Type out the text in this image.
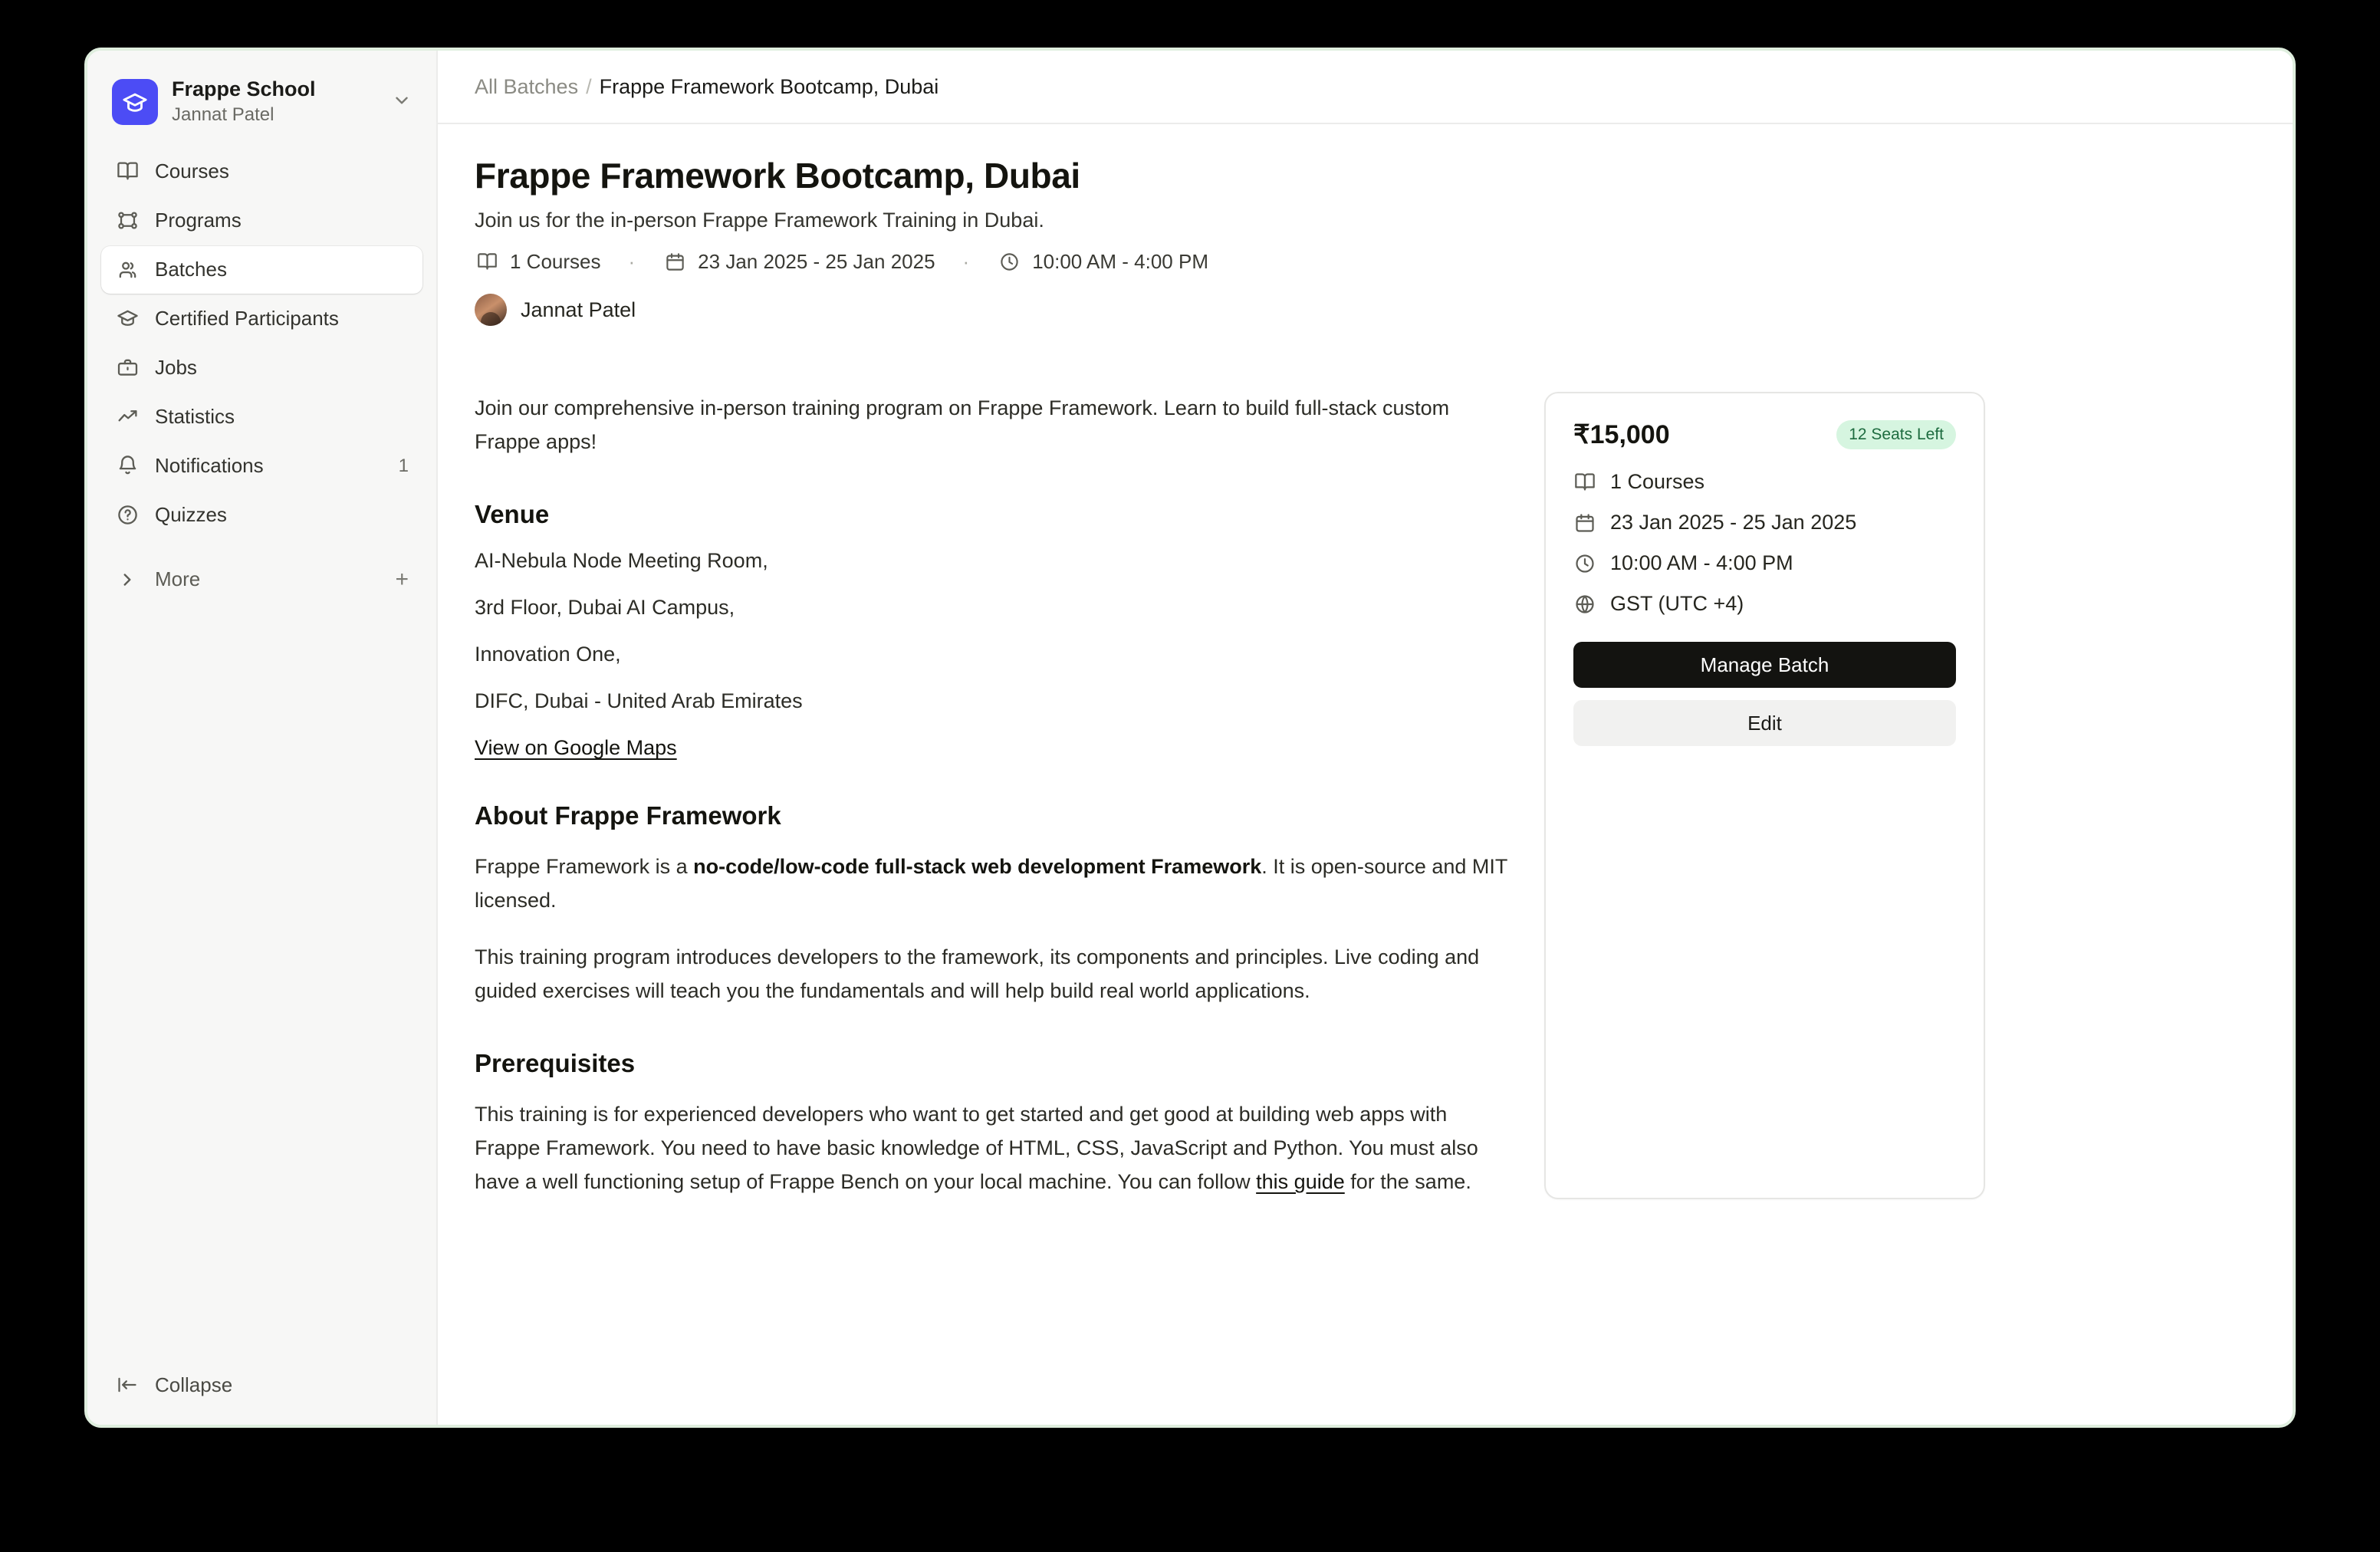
Frappe School
Jannat Patel
Courses
Programs
Batches
Certified Participants
Jobs
Statistics
Notifications	1
Quizzes
More	+
Collapse
All Batches / Frappe Framework Bootcamp, Dubai
Frappe Framework Bootcamp, Dubai
Join us for the in-person Frappe Framework Training in Dubai.
1 Courses	·	23 Jan 2025 - 25 Jan 2025	·	10:00 AM - 4:00 PM
Jannat Patel

Join our comprehensive in-person training program on Frappe Framework. Learn to build full-stack custom Frappe apps!

Venue
AI-Nebula Node Meeting Room,
3rd Floor, Dubai AI Campus,
Innovation One,
DIFC, Dubai - United Arab Emirates
View on Google Maps
About Frappe Framework

Frappe Framework is a no-code/low-code full-stack web development Framework. It is open-source and MIT licensed.

This training program introduces developers to the framework, its components and principles. Live coding and guided exercises will teach you the fundamentals and will help build real world applications.

Prerequisites

This training is for experienced developers who want to get started and get good at building web apps with Frappe Framework. You need to have basic knowledge of HTML, CSS, JavaScript and Python. You must also have a well functioning setup of Frappe Bench on your local machine. You can follow this guide for the same.

₹15,000	12 Seats Left
1 Courses
23 Jan 2025 - 25 Jan 2025
10:00 AM - 4:00 PM
GST (UTC +4)
Manage Batch Edit
